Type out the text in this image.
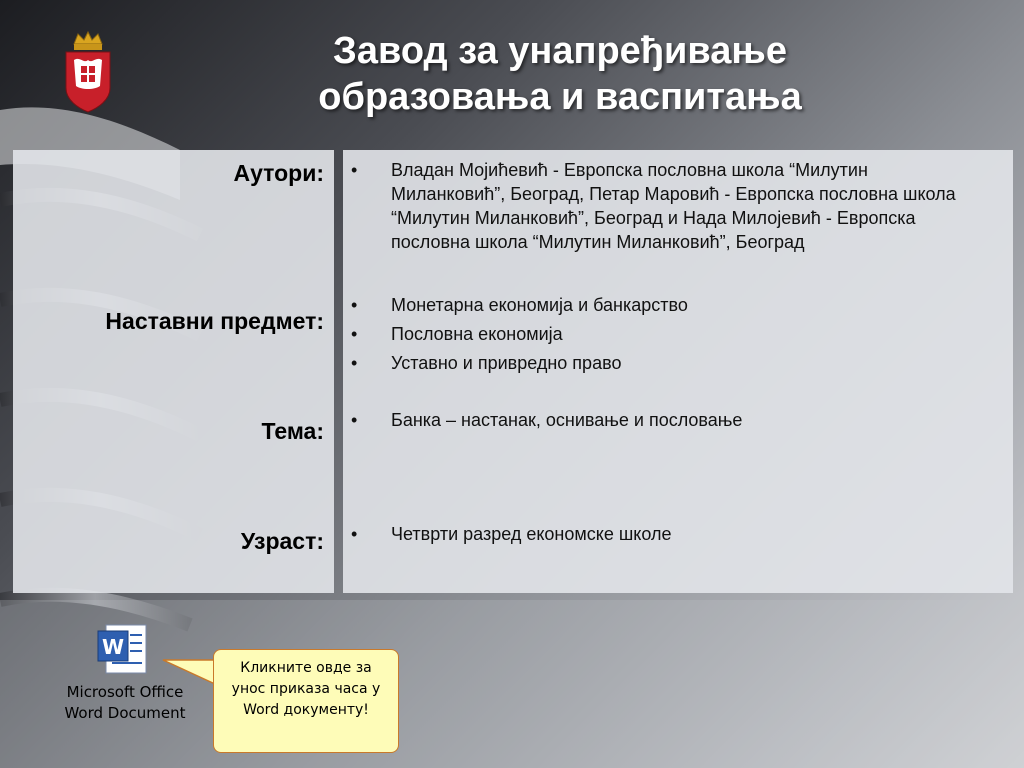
Завод за унапређивање
образовања и васпитања
Аутори:
Наставни предмет:
Тема:
Узраст:
• Владан Мојићевић - Европска пословна школа “Милутин Миланковић”, Београд, Петар Маровић - Европска пословна школа “Милутин Миланковић”, Београд и Нада Милојевић - Европска пословна школа “Милутин Миланковић”, Београд
• Монетарна економија и банкарство
• Пословна економија
• Уставно и привредно право
• Банка – настанак, оснивање и пословање
• Четврти разред економске школе
W
Microsoft Office
Word Document
Кликните овде за унос приказа часа у Word документу!
